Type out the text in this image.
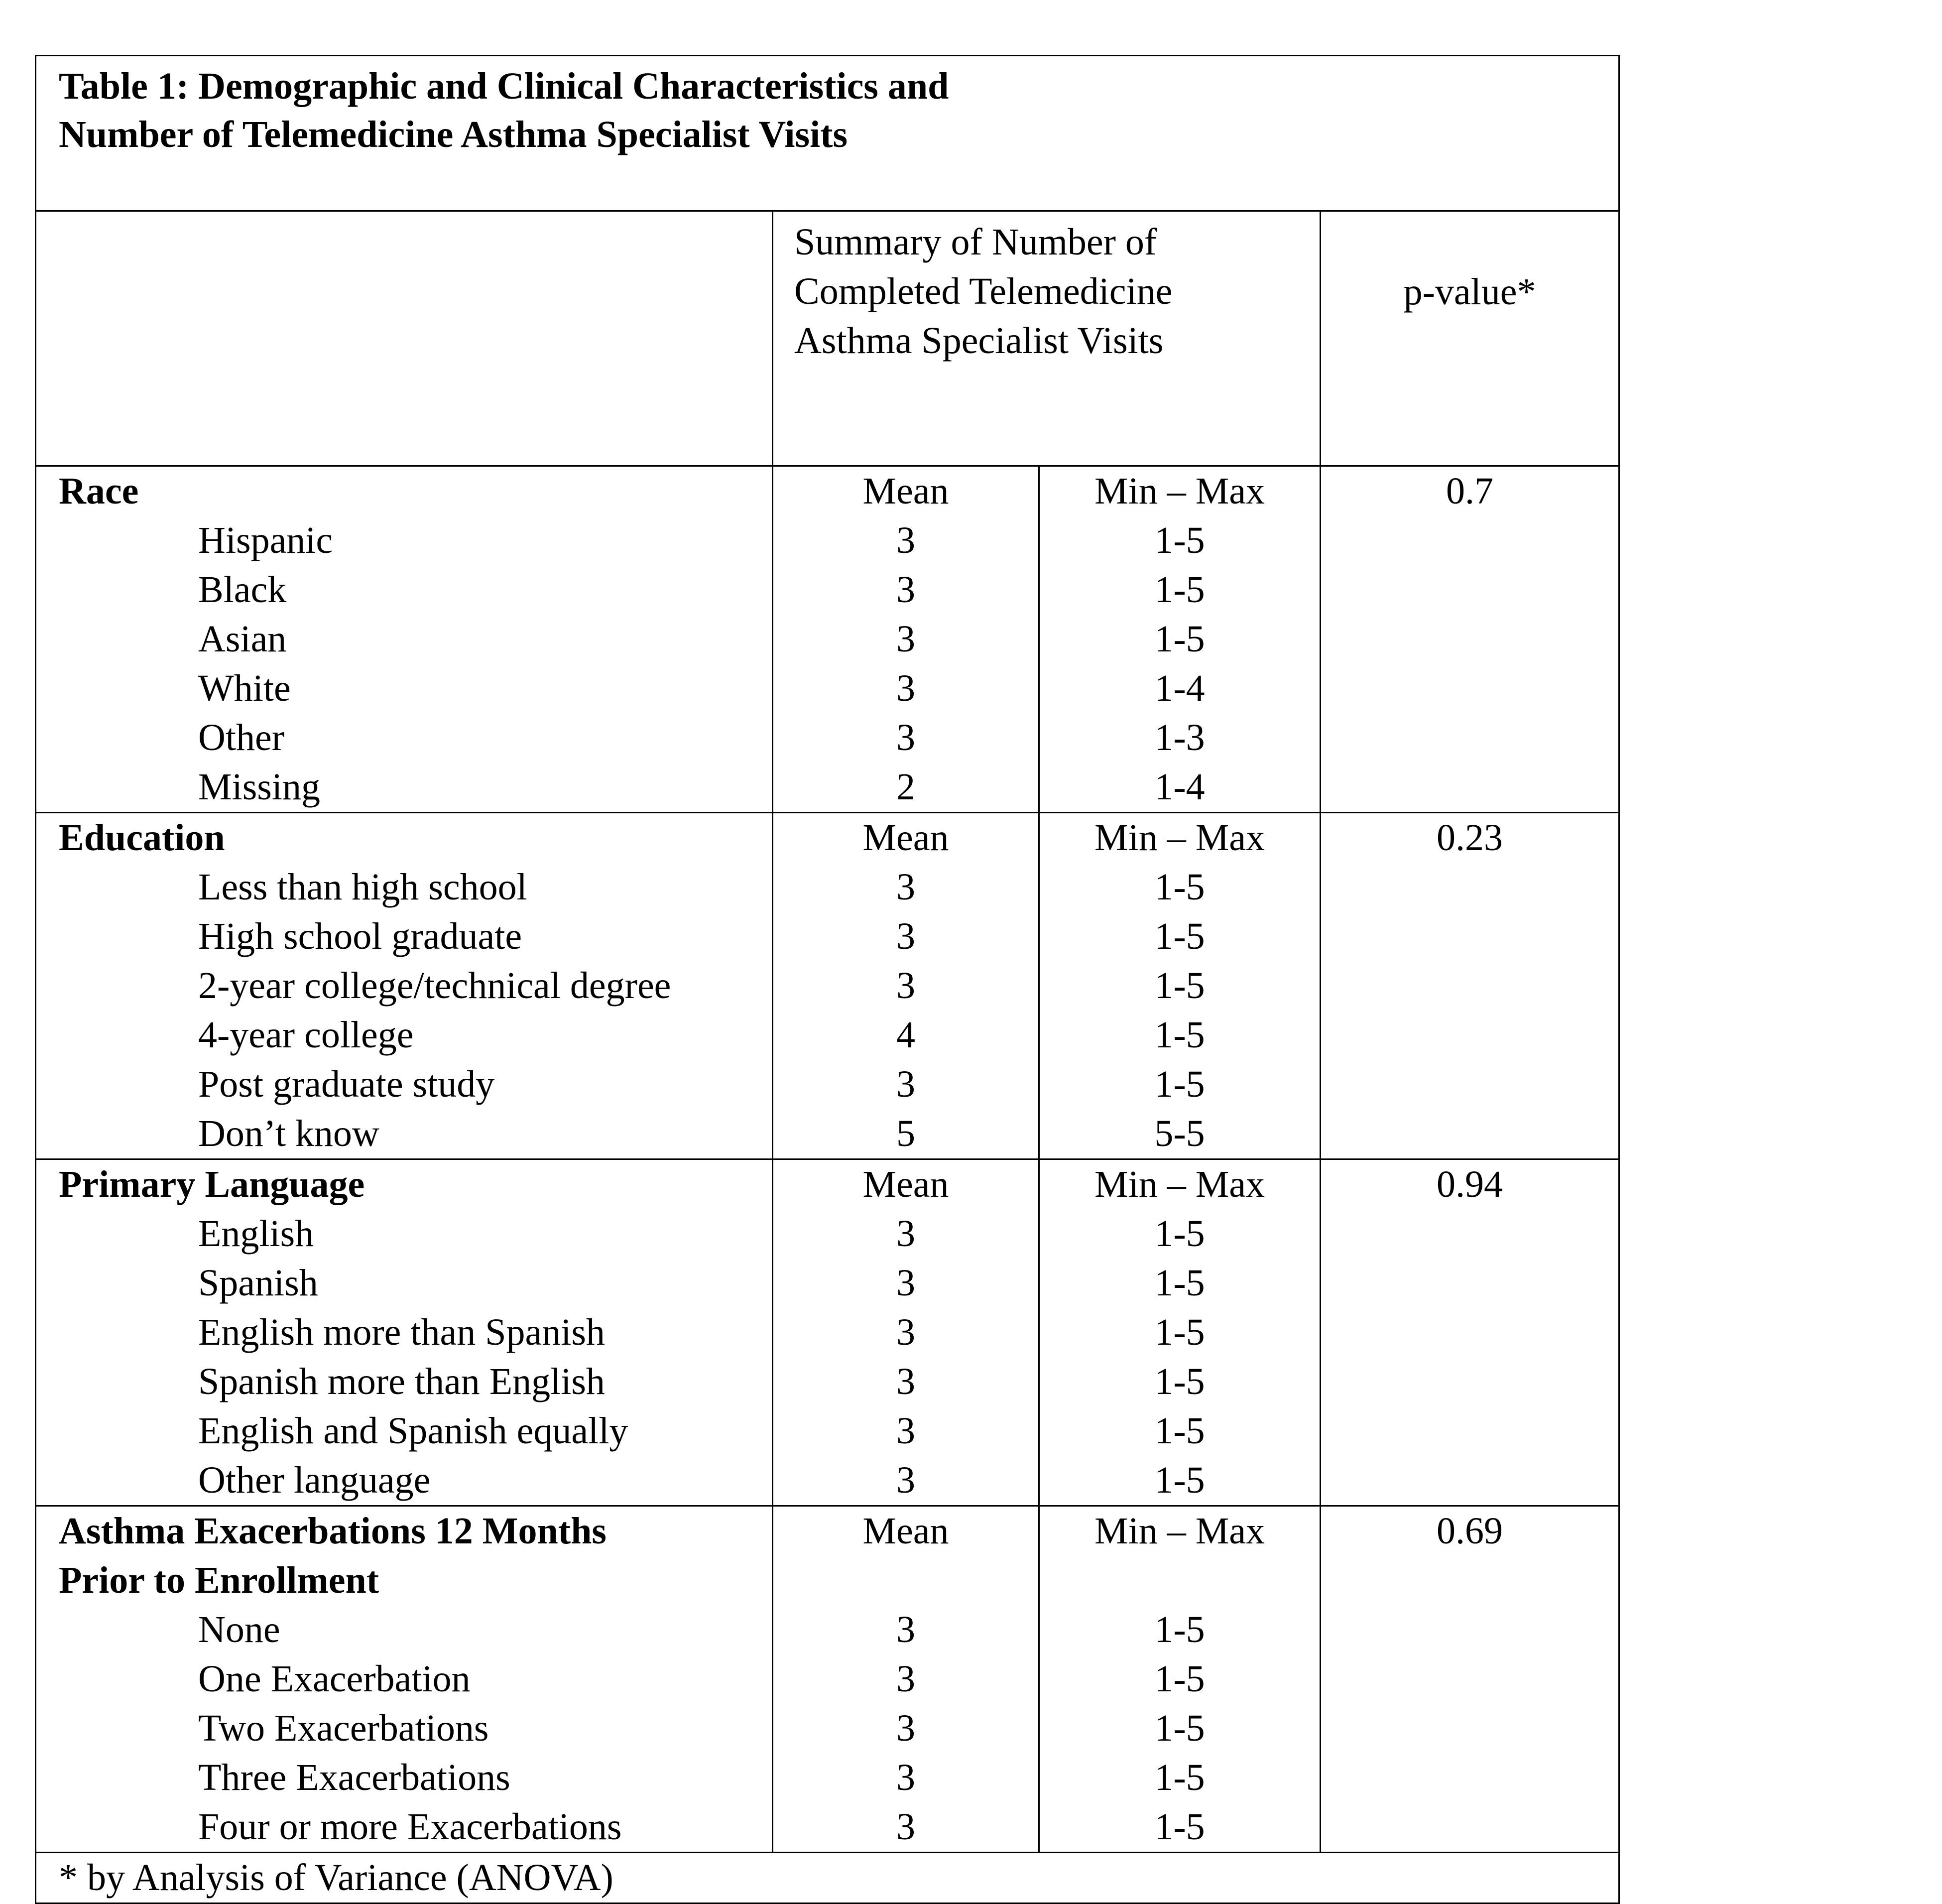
Table 1: Demographic and Clinical Characteristics and
Number of Telemedicine Asthma Specialist Visits			

	Summary of Number of
Completed Telemedicine
Asthma Specialist Visits		p-value*

Race	Mean	Min – Max	0.7
Hispanic	3	1-5	
Black	3	1-5	
Asian	3	1-5	
White	3	1-4	
Other	3	1-3	
Missing	2	1-4	

Education	Mean	Min – Max	0.23
Less than high school	3	1-5	
High school graduate	3	1-5	
2-year college/technical degree	3	1-5	
4-year college	4	1-5	
Post graduate study	3	1-5	
Don’t know	5	5-5	

Primary Language	Mean	Min – Max	0.94
English	3	1-5	
Spanish	3	1-5	
English more than Spanish	3	1-5	
Spanish more than English	3	1-5	
English and Spanish equally	3	1-5	
Other language	3	1-5	

Asthma Exacerbations 12 Months
Prior to Enrollment	Mean	Min – Max	0.69
None	3	1-5	
One Exacerbation	3	1-5	
Two Exacerbations	3	1-5	
Three Exacerbations	3	1-5	
Four or more Exacerbations	3	1-5	
* by Analysis of Variance (ANOVA)			
